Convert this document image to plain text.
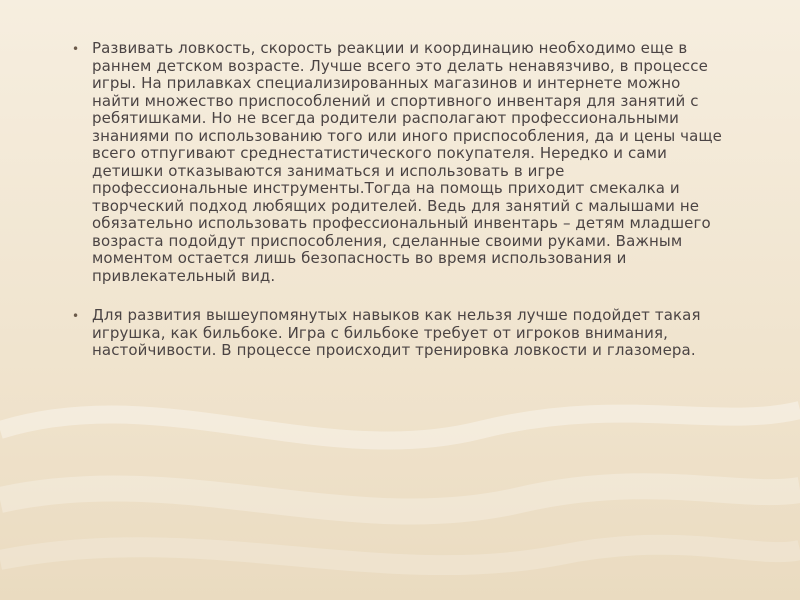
• Развивать ловкость, скорость реакции и координацию необходимо еще в раннем детском возрасте. Лучше всего это делать ненавязчиво, в процессе игры. На прилавках специализированных магазинов и интернете можно найти множество приспособлений и спортивного инвентаря для занятий с ребятишками. Но не всегда родители располагают профессиональными знаниями по использованию того или иного приспособления, да и цены чаще всего отпугивают среднестатистического покупателя. Нередко и сами детишки отказываются заниматься и использовать в игре профессиональные инструменты.Тогда на помощь приходит смекалка и творческий подход любящих родителей. Ведь для занятий с малышами не обязательно использовать профессиональный инвентарь – детям младшего возраста подойдут приспособления, сделанные своими руками. Важным моментом остается лишь безопасность во время использования и привлекательный вид.
• Для развития вышеупомянутых навыков как нельзя лучше подойдет такая игрушка, как бильбоке. Игра с бильбоке требует от игроков внимания, настойчивости. В процессе происходит тренировка ловкости и глазомера.
